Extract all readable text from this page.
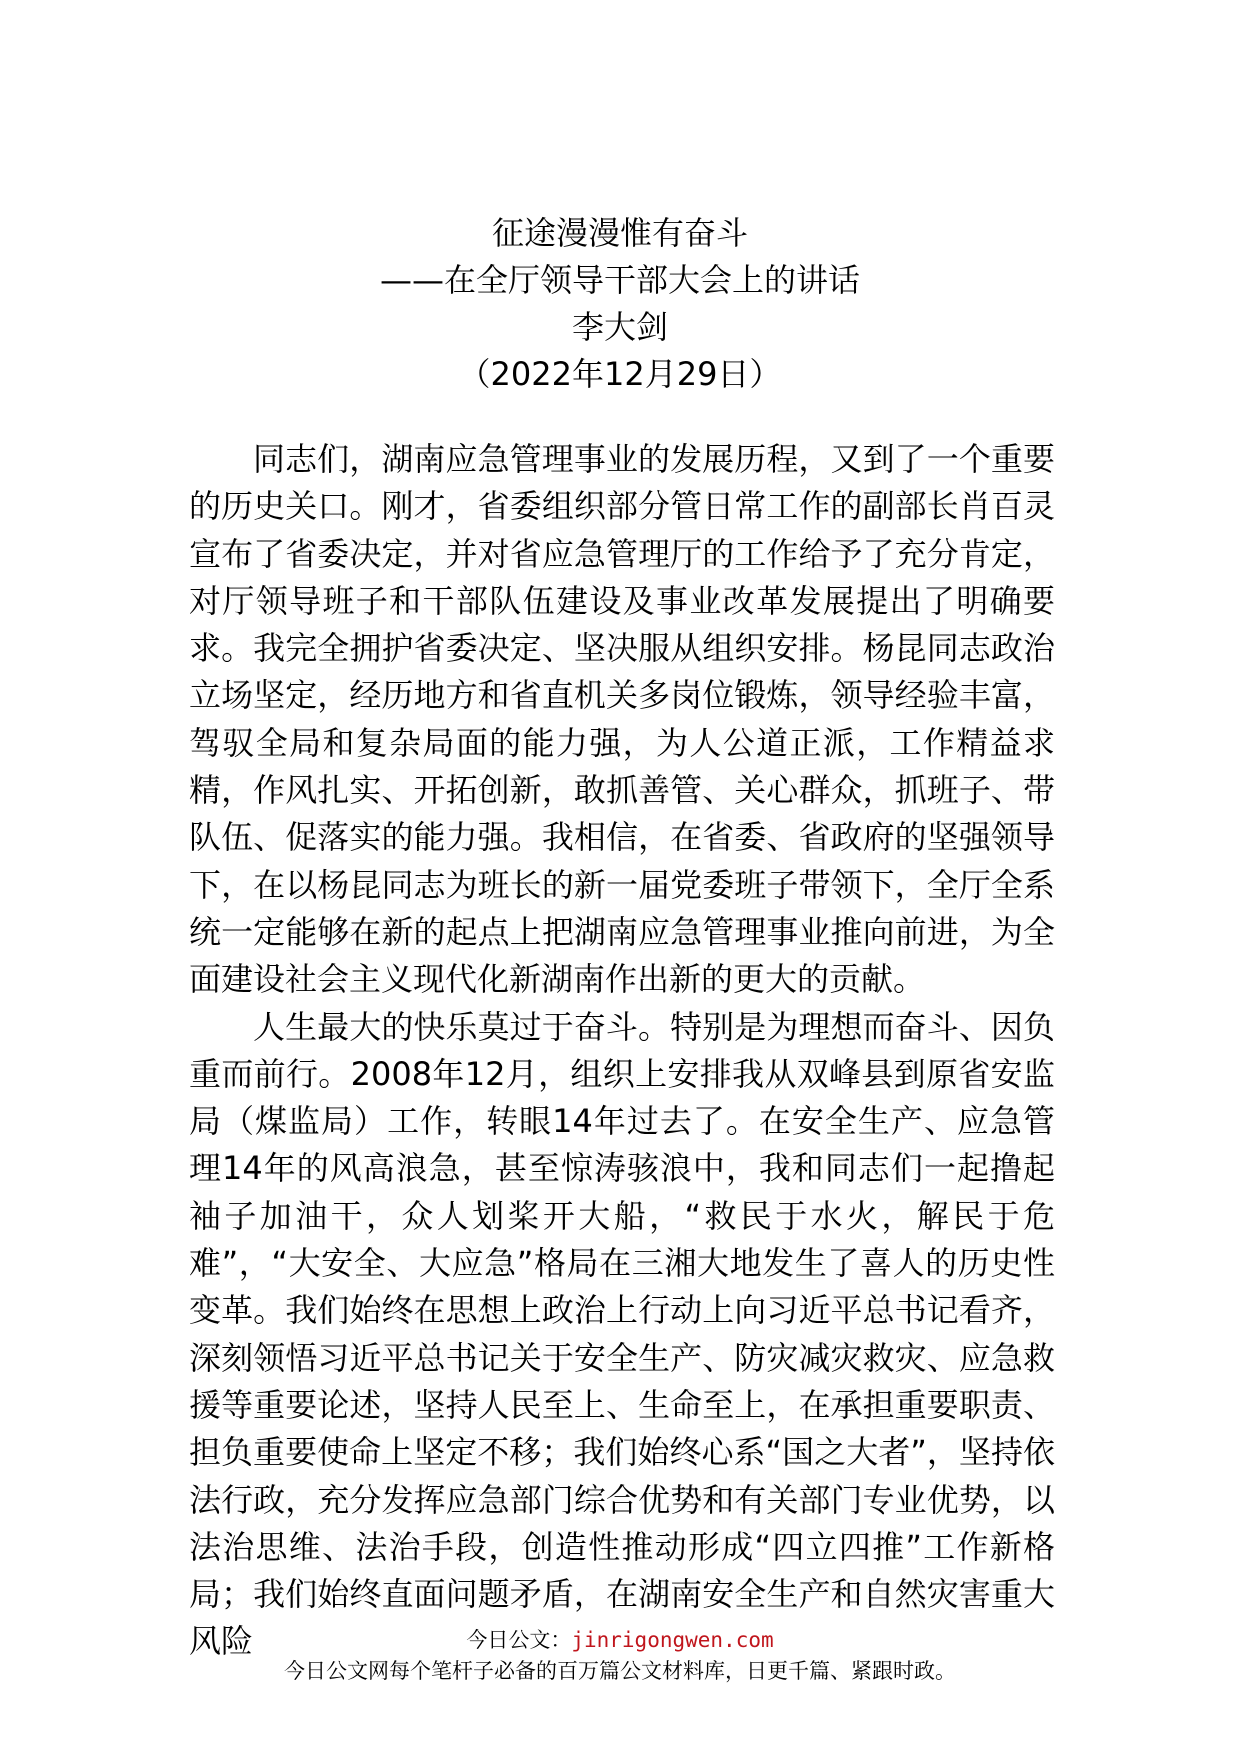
征途漫漫惟有奋斗
——在全厅领导干部大会上的讲话
李大剑
（2022年12月29日）

同志们，湖南应急管理事业的发展历程，又到了一个重要的历史关口。刚才，省委组织部分管日常工作的副部长肖百灵宣布了省委决定，并对省应急管理厅的工作给予了充分肯定，对厅领导班子和干部队伍建设及事业改革发展提出了明确要求。我完全拥护省委决定、坚决服从组织安排。杨昆同志政治立场坚定，经历地方和省直机关多岗位锻炼，领导经验丰富，驾驭全局和复杂局面的能力强，为人公道正派，工作精益求精，作风扎实、开拓创新，敢抓善管、关心群众，抓班子、带队伍、促落实的能力强。我相信，在省委、省政府的坚强领导下，在以杨昆同志为班长的新一届党委班子带领下，全厅全系统一定能够在新的起点上把湖南应急管理事业推向前进，为全面建设社会主义现代化新湖南作出新的更大的贡献。

人生最大的快乐莫过于奋斗。特别是为理想而奋斗、因负重而前行。2008年12月，组织上安排我从双峰县到原省安监局（煤监局）工作，转眼14年过去了。在安全生产、应急管理14年的风高浪急，甚至惊涛骇浪中，我和同志们一起撸起袖子加油干，众人划桨开大船，“救民于水火，解民于危难”，“大安全、大应急”格局在三湘大地发生了喜人的历史性变革。我们始终在思想上政治上行动上向习近平总书记看齐，深刻领悟习近平总书记关于安全生产、防灾减灾救灾、应急救援等重要论述，坚持人民至上、生命至上，在承担重要职责、担负重要使命上坚定不移；我们始终心系“国之大者”，坚持依法行政，充分发挥应急部门综合优势和有关部门专业优势，以法治思维、法治手段，创造性推动形成“四立四推”工作新格局；我们始终直面问题矛盾，在湖南安全生产和自然灾害重大风险	今日公文：jinrigongwen.com
今日公文网每个笔杆子必备的百万篇公文材料库，日更千篇、紧跟时政。
